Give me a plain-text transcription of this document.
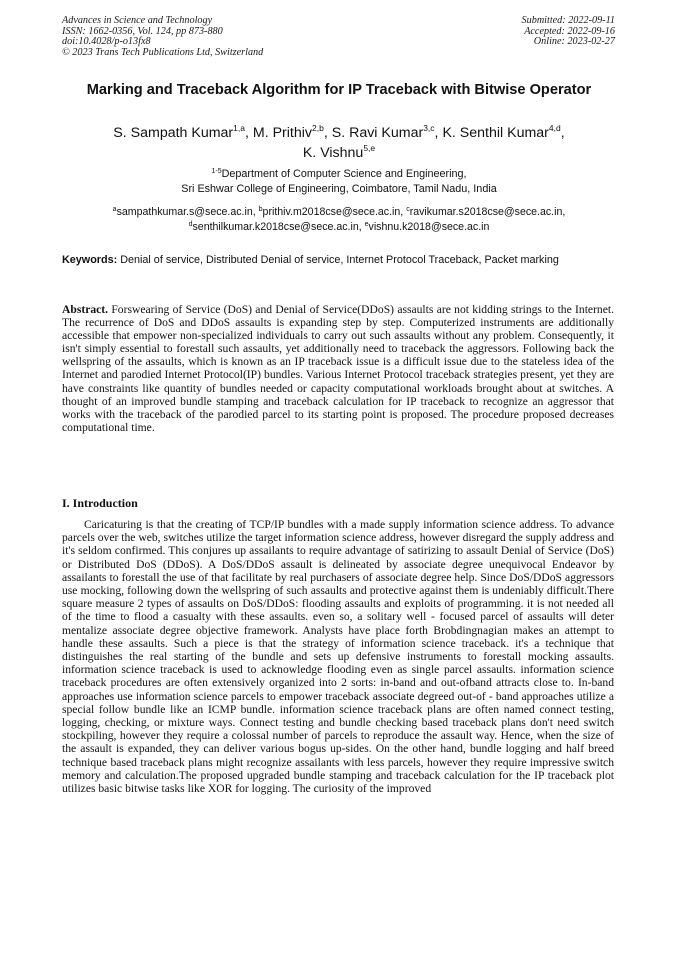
Advances in Science and Technology
ISSN: 1662-0356, Vol. 124, pp 873-880
doi:10.4028/p-o13fx8
© 2023 Trans Tech Publications Ltd, Switzerland
Submitted: 2022-09-11
Accepted: 2022-09-16
Online: 2023-02-27
Marking and Traceback Algorithm for IP Traceback with Bitwise Operator
S. Sampath Kumar$^{1,a}$, M. Prithiv$^{2,b}$, S. Ravi Kumar$^{3,c}$, K. Senthil Kumar$^{4,d}$,
K. Vishnu$^{5,e}$
$^{1-5}$Department of Computer Science and Engineering,
Sri Eshwar College of Engineering, Coimbatore, Tamil Nadu, India
$^a$sampathkumar.s@sece.ac.in, $^b$prithiv.m2018cse@sece.ac.in, $^c$ravikumar.s2018cse@sece.ac.in,
$^d$senthilkumar.k2018cse@sece.ac.in, $^e$vishnu.k2018@sece.ac.in
Keywords: Denial of service, Distributed Denial of service, Internet Protocol Traceback, Packet marking
Abstract. Forswearing of Service (DoS) and Denial of Service(DDoS) assaults are not kidding strings to the Internet. The recurrence of DoS and DDoS assaults is expanding step by step. Computerized instruments are additionally accessible that empower non-specialized individuals to carry out such assaults without any problem. Consequently, it isn't simply essential to forestall such assaults, yet additionally need to traceback the aggressors. Following back the wellspring of the assaults, which is known as an IP traceback issue is a difficult issue due to the stateless idea of the Internet and parodied Internet Protocol(IP) bundles. Various Internet Protocol traceback strategies present, yet they are have constraints like quantity of bundles needed or capacity computational workloads brought about at switches. A thought of an improved bundle stamping and traceback calculation for IP traceback to recognize an aggressor that works with the traceback of the parodied parcel to its starting point is proposed. The procedure proposed decreases computational time.
I. Introduction
Caricaturing is that the creating of TCP/IP bundles with a made supply information science address. To advance parcels over the web, switches utilize the target information science address, however disregard the supply address and it's seldom confirmed. This conjures up assailants to require advantage of satirizing to assault Denial of Service (DoS) or Distributed DoS (DDoS). A DoS/DDoS assault is delineated by associate degree unequivocal Endeavor by assailants to forestall the use of that facilitate by real purchasers of associate degree help. Since DoS/DDoS aggressors use mocking, following down the wellspring of such assaults and protective against them is undeniably difficult.There square measure 2 types of assaults on DoS/DDoS: flooding assaults and exploits of programming. it is not needed all of the time to flood a casualty with these assaults. even so, a solitary well - focused parcel of assaults will deter mentalize associate degree objective framework. Analysts have place forth Brobdingnagian makes an attempt to handle these assaults. Such a piece is that the strategy of information science traceback. it's a technique that distinguishes the real starting of the bundle and sets up defensive instruments to forestall mocking assaults. information science traceback is used to acknowledge flooding even as single parcel assaults. information science traceback procedures are often extensively organized into 2 sorts: in-band and out-ofband attracts close to. In-band approaches use information science parcels to empower traceback associate degreed out-of - band approaches utilize a special follow bundle like an ICMP bundle. information science traceback plans are often named connect testing, logging, checking, or mixture ways. Connect testing and bundle checking based traceback plans don't need switch stockpiling, however they require a colossal number of parcels to reproduce the assault way. Hence, when the size of the assault is expanded, they can deliver various bogus up-sides. On the other hand, bundle logging and half breed technique based traceback plans might recognize assailants with less parcels, however they require impressive switch memory and calculation.The proposed upgraded bundle stamping and traceback calculation for the IP traceback plot utilizes basic bitwise tasks like XOR for logging. The curiosity of the improved
